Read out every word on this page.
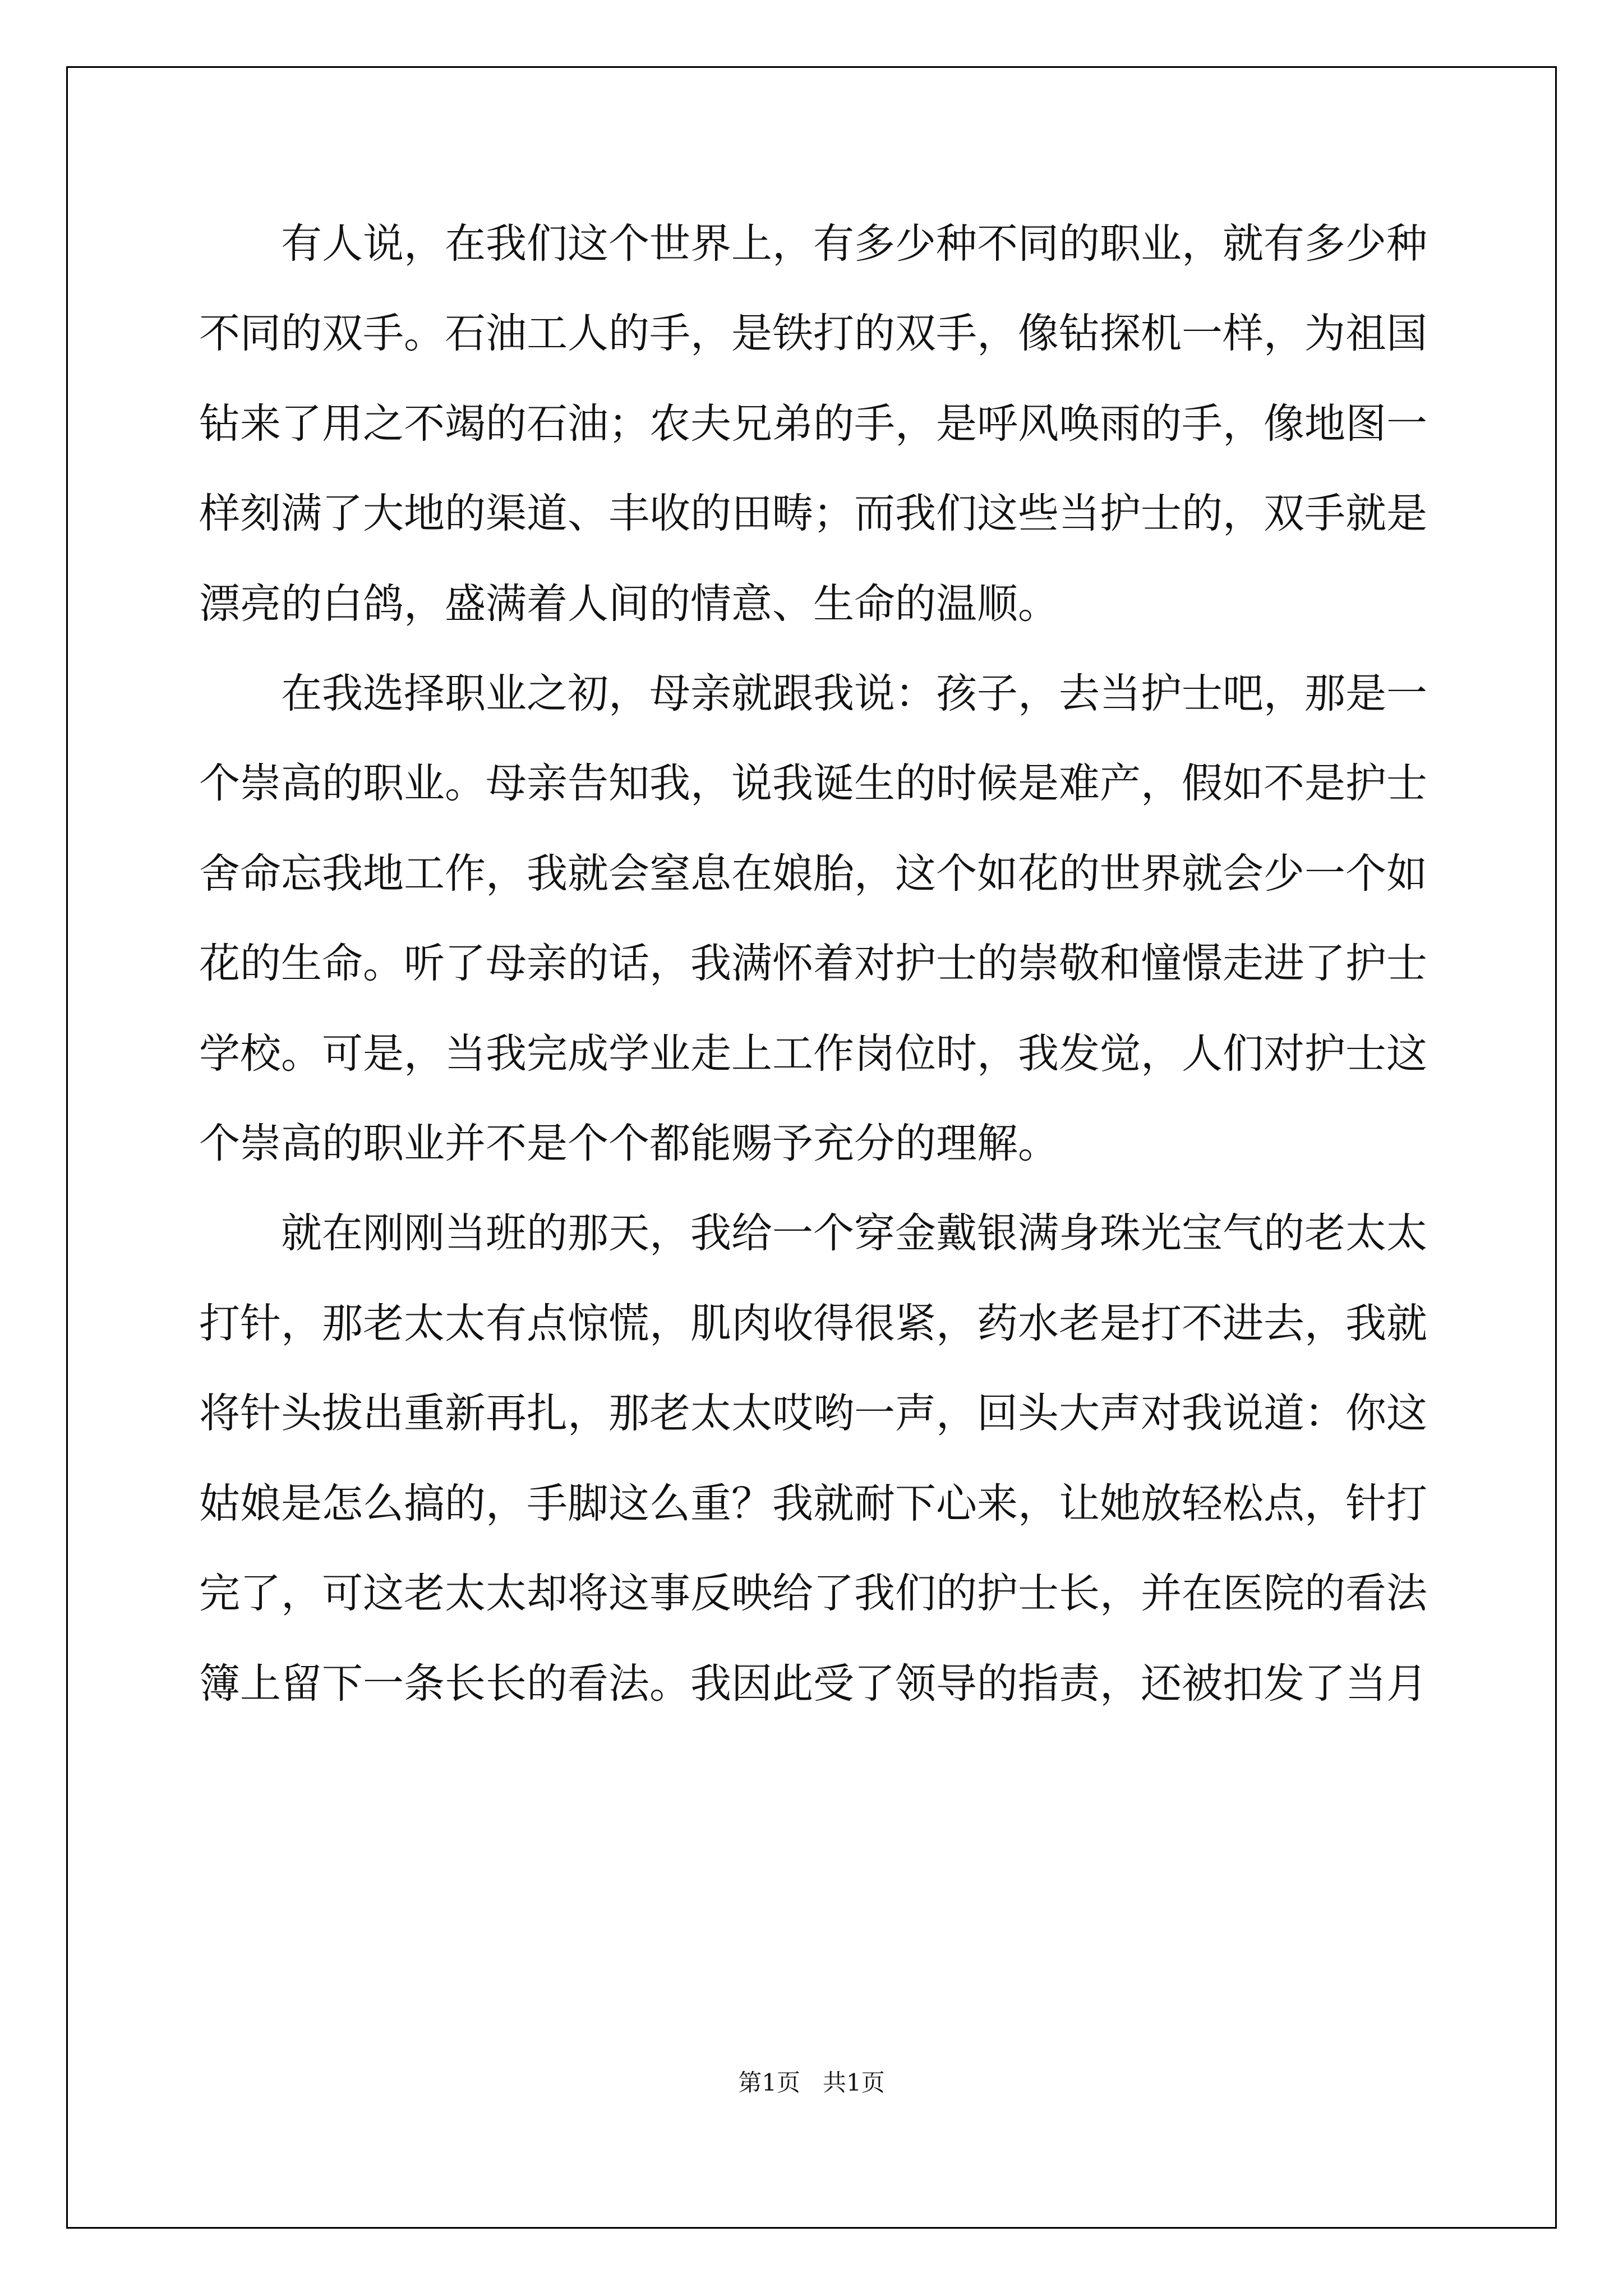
有人说，在我们这个世界上，有多少种不同的职业，就有多少种不同的双手。石油工人的手，是铁打的双手，像钻探机一样，为祖国钻来了用之不竭的石油；农夫兄弟的手，是呼风唤雨的手，像地图一样刻满了大地的渠道、丰收的田畴；而我们这些当护士的，双手就是漂亮的白鸽，盛满着人间的情意、生命的温顺。

在我选择职业之初，母亲就跟我说：孩子，去当护士吧，那是一个崇高的职业。母亲告知我，说我诞生的时候是难产，假如不是护士舍命忘我地工作，我就会窒息在娘胎，这个如花的世界就会少一个如花的生命。听了母亲的话，我满怀着对护士的崇敬和憧憬走进了护士学校。可是，当我完成学业走上工作岗位时，我发觉，人们对护士这个崇高的职业并不是个个都能赐予充分的理解。

就在刚刚当班的那天，我给一个穿金戴银满身珠光宝气的老太太打针，那老太太有点惊慌，肌肉收得很紧，药水老是打不进去，我就将针头拔出重新再扎，那老太太哎哟一声，回头大声对我说道：你这姑娘是怎么搞的，手脚这么重？我就耐下心来，让她放轻松点，针打完了，可这老太太却将这事反映给了我们的护士长，并在医院的看法簿上留下一条长长的看法。我因此受了领导的指责，还被扣发了当月

第1页   共1页
